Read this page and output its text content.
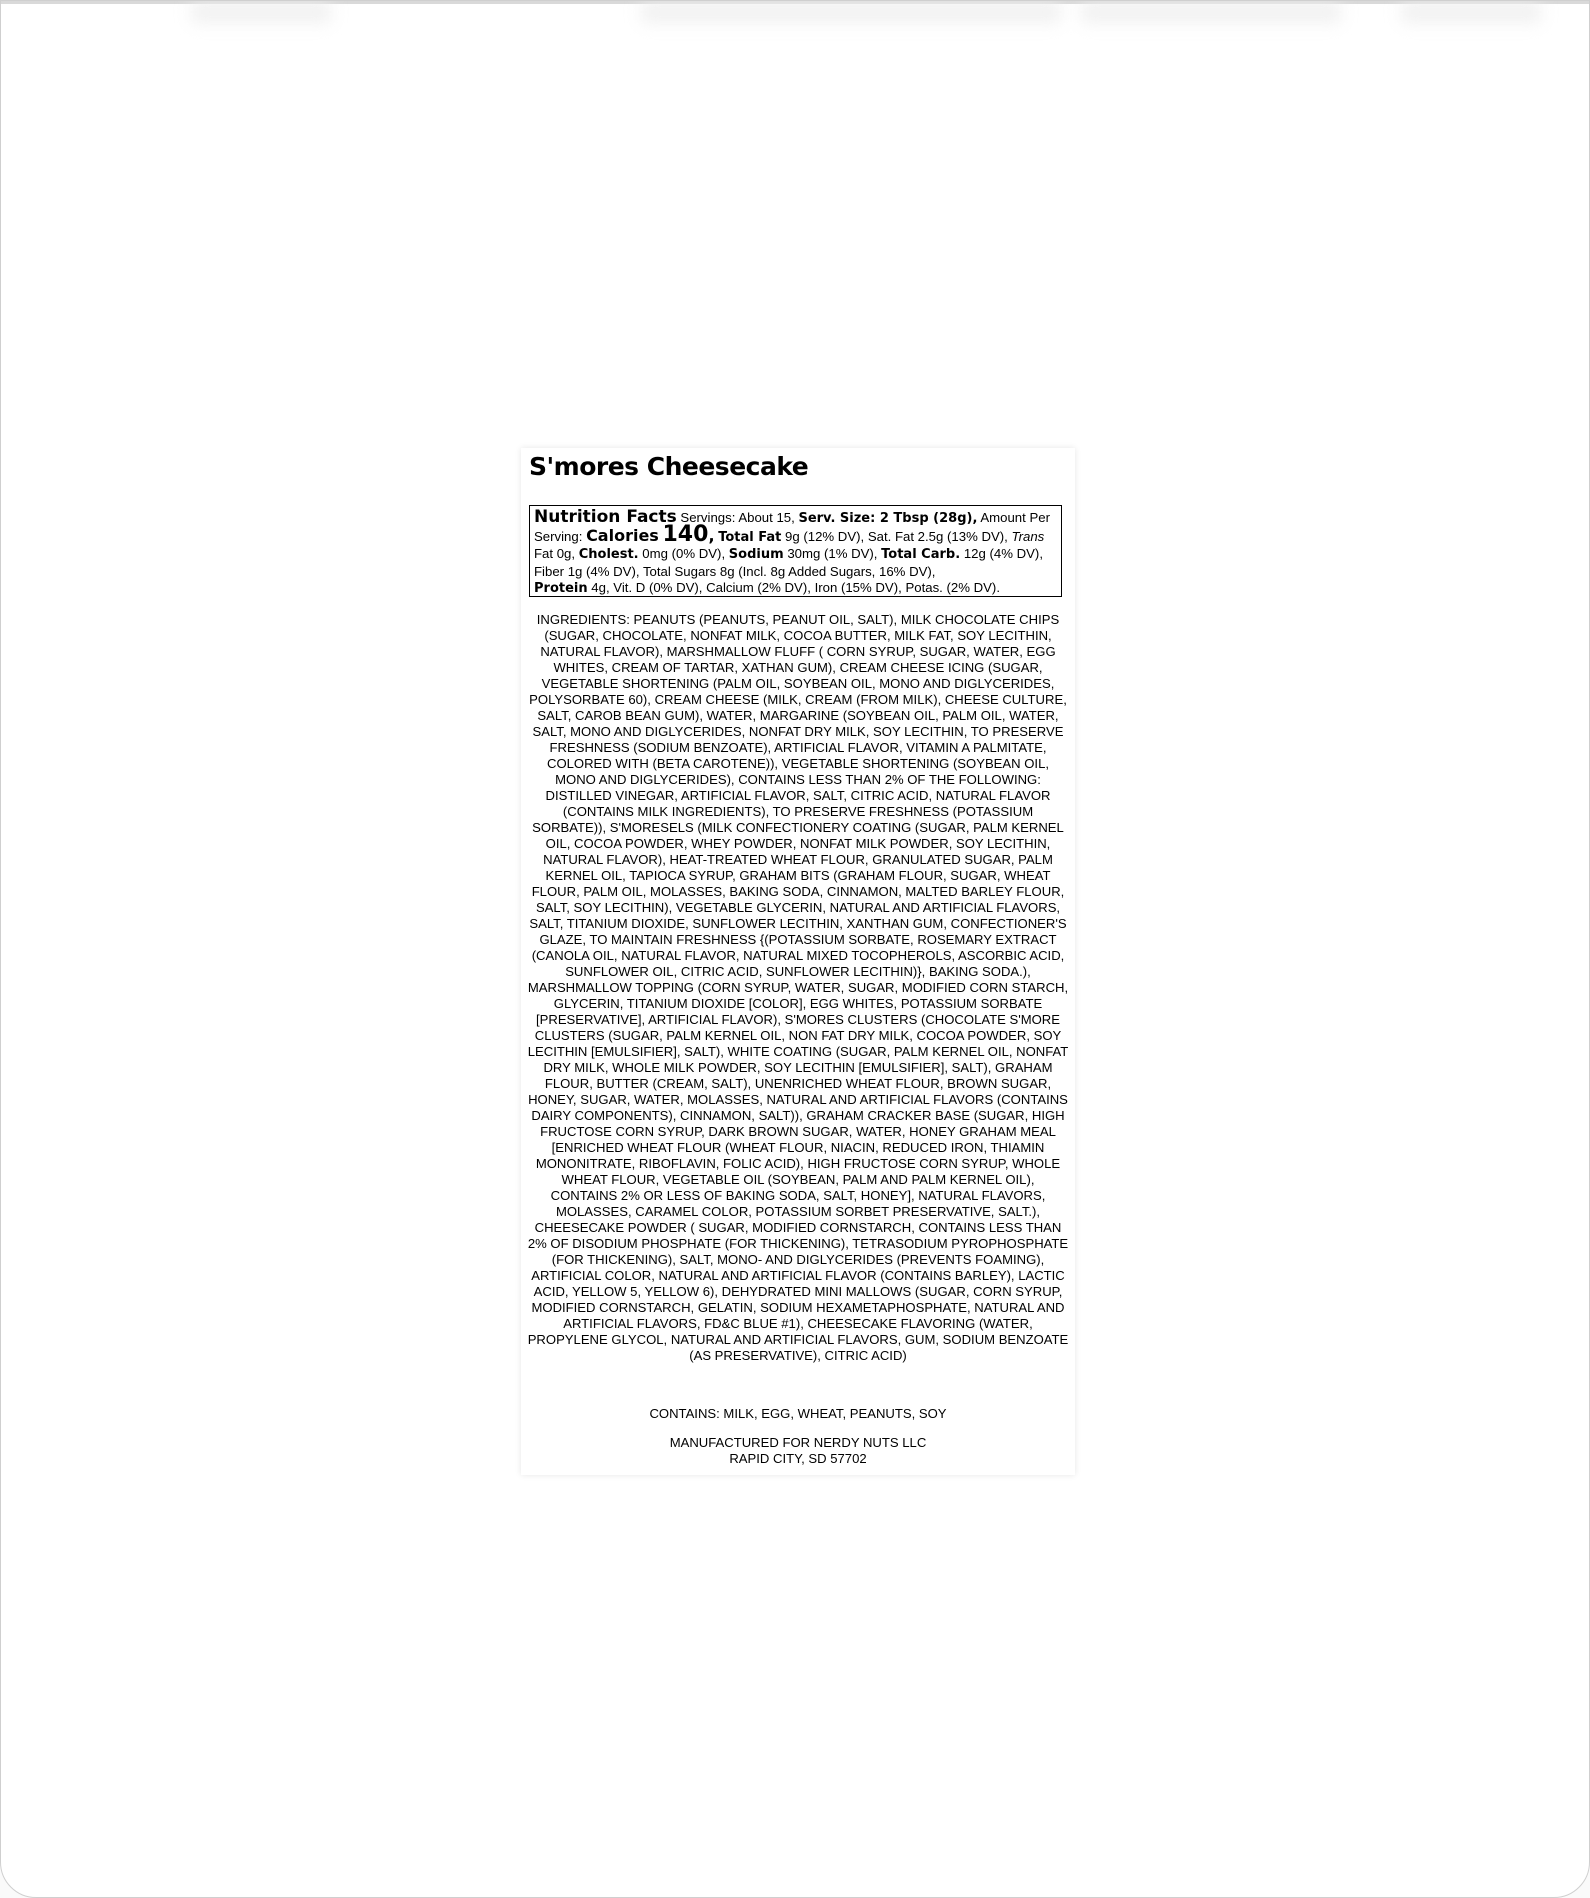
S'mores Cheesecake
Nutrition Facts Servings: About 15, Serv. Size: 2 Tbsp (28g), Amount Per Serving: Calories 140, Total Fat 9g (12% DV), Sat. Fat 2.5g (13% DV), Trans Fat 0g, Cholest. 0mg (0% DV), Sodium 30mg (1% DV), Total Carb. 12g (4% DV), Fiber 1g (4% DV), Total Sugars 8g (Incl. 8g Added Sugars, 16% DV),
Protein 4g, Vit. D (0% DV), Calcium (2% DV), Iron (15% DV), Potas. (2% DV).
INGREDIENTS: PEANUTS (PEANUTS, PEANUT OIL, SALT), MILK CHOCOLATE CHIPS (SUGAR, CHOCOLATE, NONFAT MILK, COCOA BUTTER, MILK FAT, SOY LECITHIN, NATURAL FLAVOR), MARSHMALLOW FLUFF ( CORN SYRUP, SUGAR, WATER, EGG WHITES, CREAM OF TARTAR, XATHAN GUM), CREAM CHEESE ICING (SUGAR, VEGETABLE SHORTENING (PALM OIL, SOYBEAN OIL, MONO AND DIGLYCERIDES, POLYSORBATE 60), CREAM CHEESE (MILK, CREAM (FROM MILK), CHEESE CULTURE, SALT, CAROB BEAN GUM), WATER, MARGARINE (SOYBEAN OIL, PALM OIL, WATER, SALT, MONO AND DIGLYCERIDES, NONFAT DRY MILK, SOY LECITHIN, TO PRESERVE FRESHNESS (SODIUM BENZOATE), ARTIFICIAL FLAVOR, VITAMIN A PALMITATE, COLORED WITH (BETA CAROTENE)), VEGETABLE SHORTENING (SOYBEAN OIL, MONO AND DIGLYCERIDES), CONTAINS LESS THAN 2% OF THE FOLLOWING: DISTILLED VINEGAR, ARTIFICIAL FLAVOR, SALT, CITRIC ACID, NATURAL FLAVOR (CONTAINS MILK INGREDIENTS), TO PRESERVE FRESHNESS (POTASSIUM SORBATE)), S'MORESELS (MILK CONFECTIONERY COATING (SUGAR, PALM KERNEL OIL, COCOA POWDER, WHEY POWDER, NONFAT MILK POWDER, SOY LECITHIN, NATURAL FLAVOR), HEAT-TREATED WHEAT FLOUR, GRANULATED SUGAR, PALM KERNEL OIL, TAPIOCA SYRUP, GRAHAM BITS (GRAHAM FLOUR, SUGAR, WHEAT FLOUR, PALM OIL, MOLASSES, BAKING SODA, CINNAMON, MALTED BARLEY FLOUR, SALT, SOY LECITHIN), VEGETABLE GLYCERIN, NATURAL AND ARTIFICIAL FLAVORS, SALT, TITANIUM DIOXIDE, SUNFLOWER LECITHIN, XANTHAN GUM, CONFECTIONER'S GLAZE, TO MAINTAIN FRESHNESS {(POTASSIUM SORBATE, ROSEMARY EXTRACT (CANOLA OIL, NATURAL FLAVOR, NATURAL MIXED TOCOPHEROLS, ASCORBIC ACID, SUNFLOWER OIL, CITRIC ACID, SUNFLOWER LECITHIN)}, BAKING SODA.), MARSHMALLOW TOPPING (CORN SYRUP, WATER, SUGAR, MODIFIED CORN STARCH, GLYCERIN, TITANIUM DIOXIDE [COLOR], EGG WHITES, POTASSIUM SORBATE [PRESERVATIVE], ARTIFICIAL FLAVOR), S'MORES CLUSTERS (CHOCOLATE S'MORE CLUSTERS (SUGAR, PALM KERNEL OIL, NON FAT DRY MILK, COCOA POWDER, SOY LECITHIN [EMULSIFIER], SALT), WHITE COATING (SUGAR, PALM KERNEL OIL, NONFAT DRY MILK, WHOLE MILK POWDER, SOY LECITHIN [EMULSIFIER], SALT), GRAHAM FLOUR, BUTTER (CREAM, SALT), UNENRICHED WHEAT FLOUR, BROWN SUGAR, HONEY, SUGAR, WATER, MOLASSES, NATURAL AND ARTIFICIAL FLAVORS (CONTAINS DAIRY COMPONENTS), CINNAMON, SALT)), GRAHAM CRACKER BASE (SUGAR, HIGH FRUCTOSE CORN SYRUP, DARK BROWN SUGAR, WATER, HONEY GRAHAM MEAL [ENRICHED WHEAT FLOUR (WHEAT FLOUR, NIACIN, REDUCED IRON, THIAMIN MONONITRATE, RIBOFLAVIN, FOLIC ACID), HIGH FRUCTOSE CORN SYRUP, WHOLE WHEAT FLOUR, VEGETABLE OIL (SOYBEAN, PALM AND PALM KERNEL OIL), CONTAINS 2% OR LESS OF BAKING SODA, SALT, HONEY], NATURAL FLAVORS, MOLASSES, CARAMEL COLOR, POTASSIUM SORBET PRESERVATIVE, SALT.), CHEESECAKE POWDER ( SUGAR, MODIFIED CORNSTARCH, CONTAINS LESS THAN 2% OF DISODIUM PHOSPHATE (FOR THICKENING), TETRASODIUM PYROPHOSPHATE (FOR THICKENING), SALT, MONO- AND DIGLYCERIDES (PREVENTS FOAMING), ARTIFICIAL COLOR, NATURAL AND ARTIFICIAL FLAVOR (CONTAINS BARLEY), LACTIC ACID, YELLOW 5, YELLOW 6), DEHYDRATED MINI MALLOWS (SUGAR, CORN SYRUP, MODIFIED CORNSTARCH, GELATIN, SODIUM HEXAMETAPHOSPHATE, NATURAL AND ARTIFICIAL FLAVORS, FD&C BLUE #1), CHEESECAKE FLAVORING (WATER, PROPYLENE GLYCOL, NATURAL AND ARTIFICIAL FLAVORS, GUM, SODIUM BENZOATE (AS PRESERVATIVE), CITRIC ACID)
CONTAINS: MILK, EGG, WHEAT, PEANUTS, SOY
MANUFACTURED FOR NERDY NUTS LLC
RAPID CITY, SD 57702
